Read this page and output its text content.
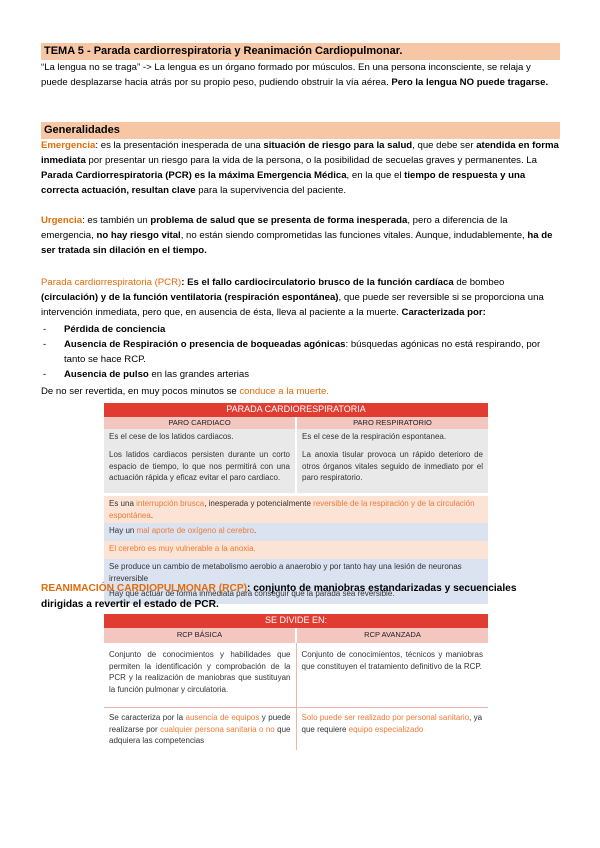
TEMA 5 - Parada cardiorrespiratoria y Reanimación Cardiopulmonar.

“La lengua no se traga” -> La lengua es un órgano formado por músculos. En una persona inconsciente, se relaja y puede desplazarse hacia atrás por su propio peso, pudiendo obstruir la vía aérea. Pero la lengua NO puede tragarse.

Generalidades

Emergencia: es la presentación inesperada de una situación de riesgo para la salud, que debe ser atendida en forma inmediata por presentar un riesgo para la vida de la persona, o la posibilidad de secuelas graves y permanentes. La Parada Cardiorrespiratoria (PCR) es la máxima Emergencia Médica, en la que el tiempo de respuesta y una correcta actuación, resultan clave para la supervivencia del paciente.

Urgencia: es también un problema de salud que se presenta de forma inesperada, pero a diferencia de la emergencia, no hay riesgo vital, no están siendo comprometidas las funciones vitales. Aunque, indudablemente, ha de ser tratada sin dilación en el tiempo.

Parada cardiorrespiratoria (PCR): Es el fallo cardiocirculatorio brusco de la función cardíaca de bombeo (circulación) y de la función ventilatoria (respiración espontánea), que puede ser reversible si se proporciona una intervención inmediata, pero que, en ausencia de ésta, lleva al paciente a la muerte. Caracterizada por:

- Pérdida de conciencia
- Ausencia de Respiración o presencia de boqueadas agónicas: búsquedas agónicas no está respirando, por tanto se hace RCP.
- Ausencia de pulso en las grandes arterias

De no ser revertida, en muy pocos minutos se conduce a la muerte.

PARADA CARDIORESPIRATORIA	
PARO CARDIACO	PARO RESPIRATORIO
Es el cese de los latidos cardiacos.	Es el cese de la respiración espontanea.
Los latidos cardiacos persisten durante un corto espacio de tiempo, lo que nos permitirá con una actuación rápida y eficaz evitar el paro cardiaco.	La anoxia tisular provoca un rápido deterioro de otros órganos vitales seguido de inmediato por el paro respiratorio.

Es una interrupción brusca, inesperada y potencialmente reversible de la respiración y de la circulación espontánea.	
Hay un mal aporte de oxígeno al cerebro.	
El cerebro es muy vulnerable a la anoxia.	
Se produce un cambio de metabolismo aerobio a anaerobio y por tanto hay una lesión de neuronas irreversible	
Hay que actuar de forma inmediata para conseguir que la parada sea reversible.	

REANIMACIÓN CARDIOPULMONAR (RCP): conjunto de maniobras estandarizadas y secuenciales dirigidas a revertir el estado de PCR.

SE DIVIDE EN:	
RCP BÁSICA	RCP AVANZADA
Conjunto de conocimientos y habilidades que permiten la identificación y comprobación de la PCR y la realización de maniobras que sustituyan la función pulmonar y circulatoria.	Conjunto de conocimientos, técnicos y maniobras que constituyen el tratamiento definitivo de la RCP.
Se caracteriza por la ausencia de equipos y puede realizarse por cualquier persona sanitaria o no que adquiera las competencias	Solo puede ser realizado por personal sanitario, ya que requiere equipo especializado
